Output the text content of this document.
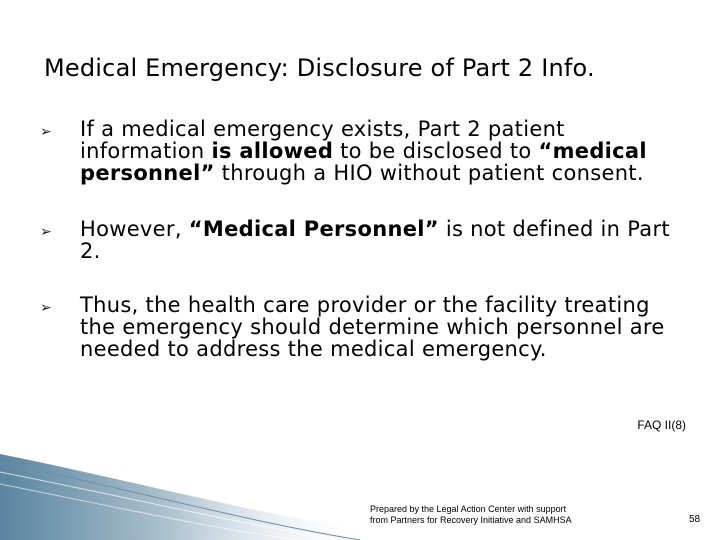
Medical Emergency: Disclosure of Part 2 Info.
➢	If a medical emergency exists, Part 2 patient information is allowed to be disclosed to “medical personnel” through a HIO without patient consent.
➢	However, “Medical Personnel” is not defined in Part 2.
➢	Thus, the health care provider or the facility treating the emergency should determine which personnel are needed to address the medical emergency.
FAQ II(8)
Prepared by the Legal Action Center with support
from Partners for Recovery Initiative and SAMHSA	58
